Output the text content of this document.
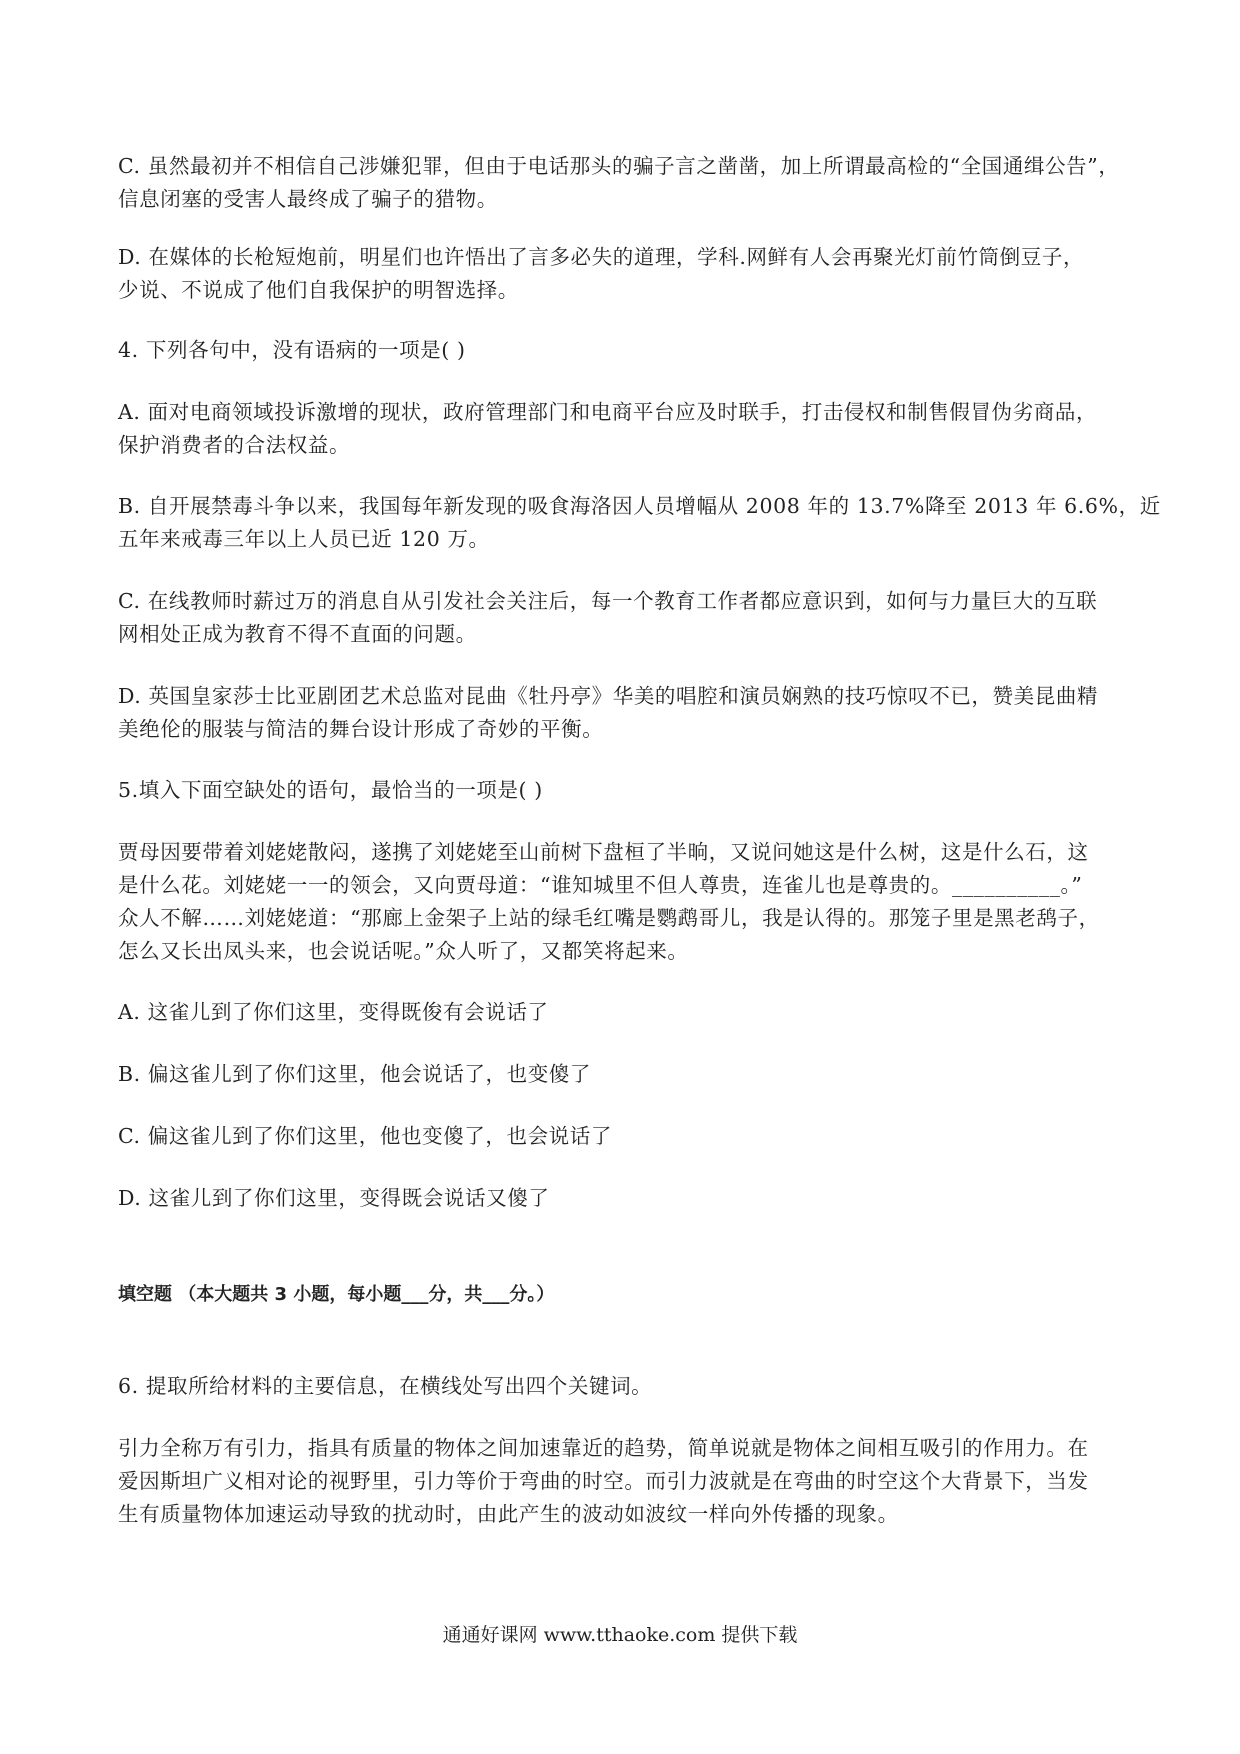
C. 虽然最初并不相信自己涉嫌犯罪，但由于电话那头的骗子言之凿凿，加上所谓最高检的“全国通缉公告”，
信息闭塞的受害人最终成了骗子的猎物。

D. 在媒体的长枪短炮前，明星们也许悟出了言多必失的道理，学科.网鲜有人会再聚光灯前竹筒倒豆子，
少说、不说成了他们自我保护的明智选择。

4. 下列各句中，没有语病的一项是( )

A. 面对电商领域投诉激增的现状，政府管理部门和电商平台应及时联手，打击侵权和制售假冒伪劣商品，
保护消费者的合法权益。

B. 自开展禁毒斗争以来，我国每年新发现的吸食海洛因人员增幅从 2008 年的 13.7%降至 2013 年 6.6%，近
五年来戒毒三年以上人员已近 120 万。

C. 在线教师时薪过万的消息自从引发社会关注后，每一个教育工作者都应意识到，如何与力量巨大的互联
网相处正成为教育不得不直面的问题。

D. 英国皇家莎士比亚剧团艺术总监对昆曲《牡丹亭》华美的唱腔和演员娴熟的技巧惊叹不已，赞美昆曲精
美绝伦的服装与简洁的舞台设计形成了奇妙的平衡。

5.填入下面空缺处的语句，最恰当的一项是( )

贾母因要带着刘姥姥散闷，遂携了刘姥姥至山前树下盘桓了半晌，又说问她这是什么树，这是什么石，这
是什么花。刘姥姥一一的领会，又向贾母道：“谁知城里不但人尊贵，连雀儿也是尊贵的。__________。”
众人不解……刘姥姥道：“那廊上金架子上站的绿毛红嘴是鹦鹉哥儿，我是认得的。那笼子里是黑老鸹子，
怎么又长出凤头来，也会说话呢。”众人听了，又都笑将起来。

A. 这雀儿到了你们这里，变得既俊有会说话了

B. 偏这雀儿到了你们这里，他会说话了，也变傻了

C. 偏这雀儿到了你们这里，他也变傻了，也会说话了

D. 这雀儿到了你们这里，变得既会说话又傻了

填空题 （本大题共 3 小题，每小题___分，共___分。）

6. 提取所给材料的主要信息，在横线处写出四个关键词。

引力全称万有引力，指具有质量的物体之间加速靠近的趋势，简单说就是物体之间相互吸引的作用力。在
爱因斯坦广义相对论的视野里，引力等价于弯曲的时空。而引力波就是在弯曲的时空这个大背景下，当发
生有质量物体加速运动导致的扰动时，由此产生的波动如波纹一样向外传播的现象。

通通好课网 www.tthaoke.com 提供下载
